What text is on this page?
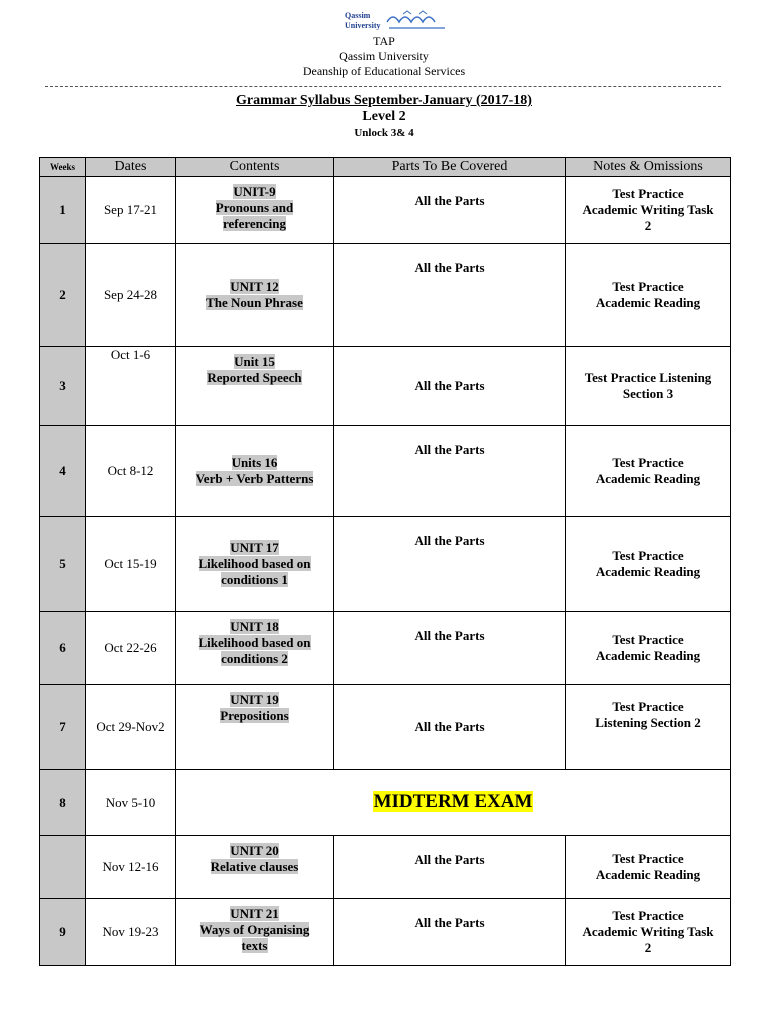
Qassim
University
TAP
Qassim University
Deanship of Educational Services
Grammar Syllabus September-January (2017-18)
Level 2
Unlock 3& 4
Weeks	Dates	Contents	Parts To Be Covered	Notes & Omissions
1	Sep 17-21	UNIT-9
Pronouns and
referencing	All the Parts	Test Practice
Academic Writing Task
2
2	Sep 24-28	UNIT 12
The Noun Phrase	All the Parts	Test Practice
Academic Reading
3	Oct 1-6	Unit 15
Reported Speech	All the Parts	Test Practice Listening
Section 3
4	Oct 8-12	Units 16
Verb + Verb Patterns	All the Parts	Test Practice
Academic Reading
5	Oct 15-19	UNIT 17
Likelihood based on
conditions 1	All the Parts	Test Practice
Academic Reading
6	Oct 22-26	UNIT 18
Likelihood based on
conditions 2	All the Parts	Test Practice
Academic Reading
7	Oct 29-Nov2	UNIT 19
Prepositions	All the Parts	Test Practice
Listening Section 2
8	Nov 5-10	MIDTERM EXAM		
	Nov 12-16	UNIT 20
Relative clauses	All the Parts	Test Practice
Academic Reading
9	Nov 19-23	UNIT 21
Ways of Organising
texts	All the Parts	Test Practice
Academic Writing Task
2
